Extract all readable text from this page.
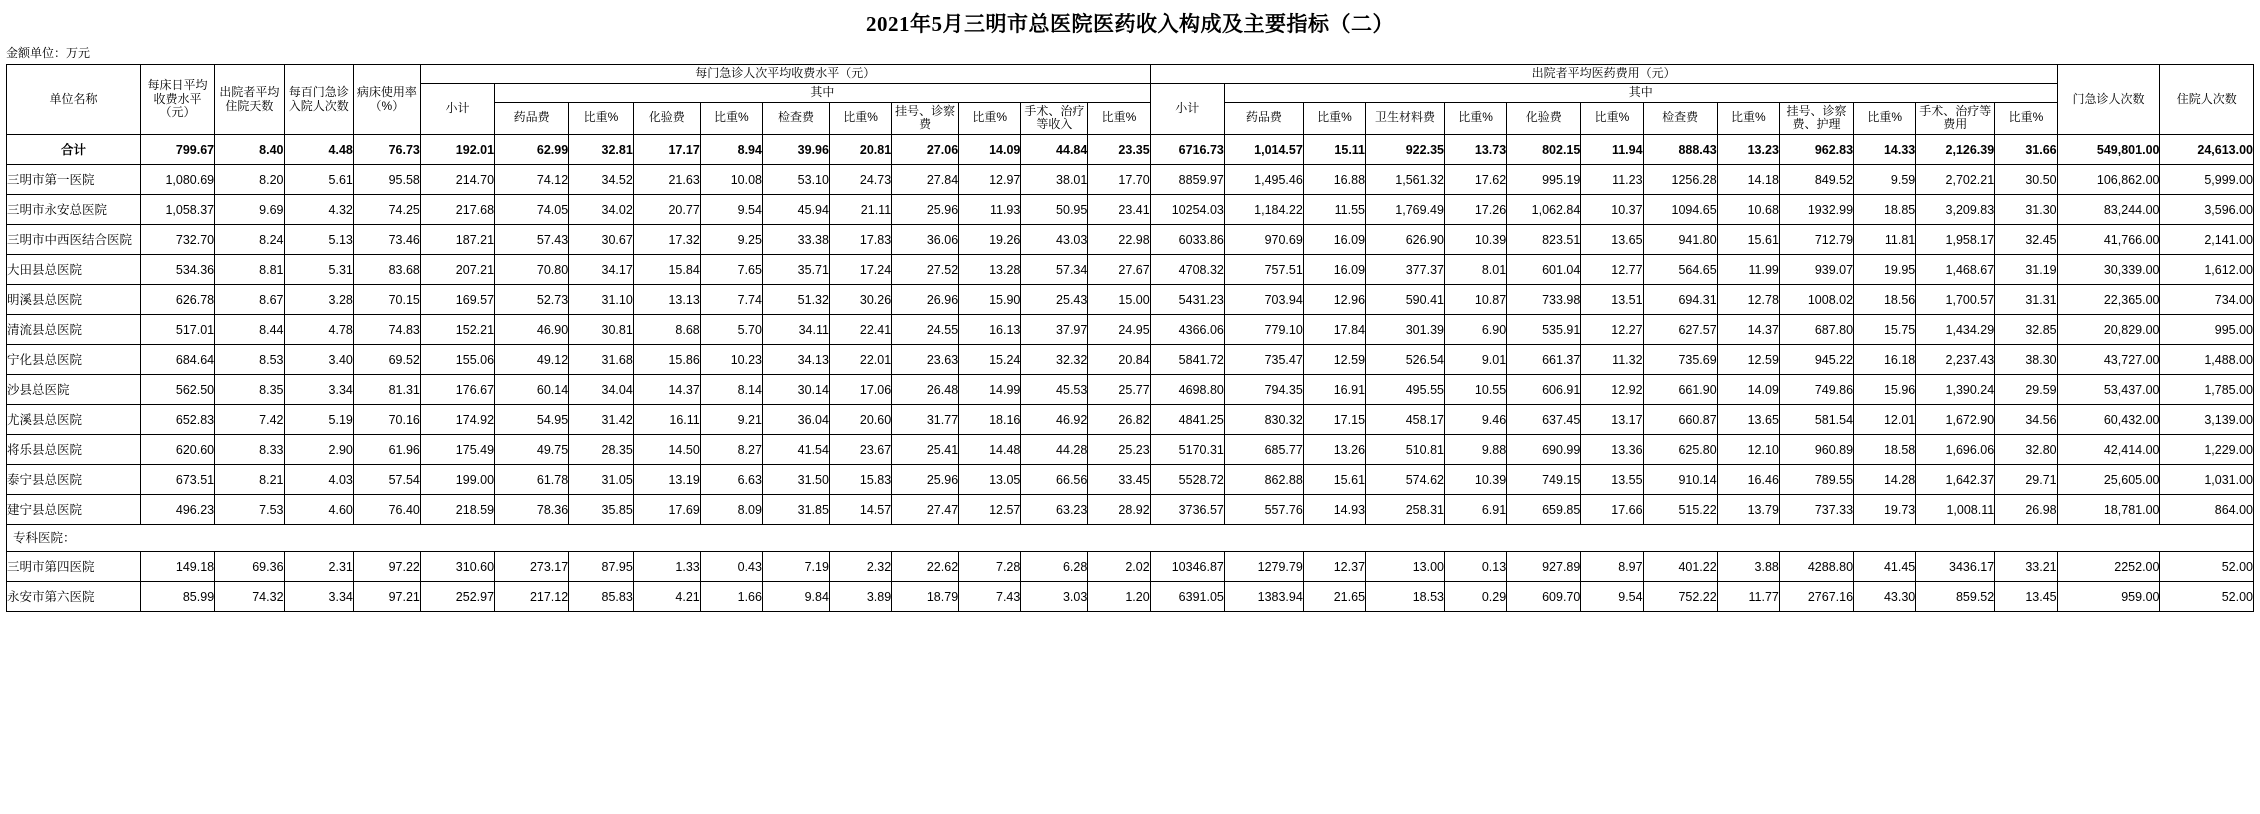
2021年5月三明市总医院医药收入构成及主要指标（二）
金额单位：万元
单位名称	每床日平均收费水平（元）	出院者平均住院天数	每百门急诊入院人次数	病床使用率（%）	每门急诊人次平均收费水平（元）											出院者平均医药费用（元）													门急诊人次数	住院人次数
					小计	其中										小计	其中													
						药品费	比重%	化验费	比重%	检查费	比重%	挂号、诊察费	比重%	手术、治疗等收入	比重%		药品费	比重%	卫生材料费	比重%	化验费	比重%	检查费	比重%	挂号、诊察费、护理	比重%	手术、治疗等费用	比重%		
合计	799.67	8.40	4.48	76.73	192.01	62.99	32.81	17.17	8.94	39.96	20.81	27.06	14.09	44.84	23.35	6716.73	1,014.57	15.11	922.35	13.73	802.15	11.94	888.43	13.23	962.83	14.33	2,126.39	31.66	549,801.00	24,613.00
三明市第一医院	1,080.69	8.20	5.61	95.58	214.70	74.12	34.52	21.63	10.08	53.10	24.73	27.84	12.97	38.01	17.70	8859.97	1,495.46	16.88	1,561.32	17.62	995.19	11.23	1256.28	14.18	849.52	9.59	2,702.21	30.50	106,862.00	5,999.00
三明市永安总医院	1,058.37	9.69	4.32	74.25	217.68	74.05	34.02	20.77	9.54	45.94	21.11	25.96	11.93	50.95	23.41	10254.03	1,184.22	11.55	1,769.49	17.26	1,062.84	10.37	1094.65	10.68	1932.99	18.85	3,209.83	31.30	83,244.00	3,596.00
三明市中西医结合医院	732.70	8.24	5.13	73.46	187.21	57.43	30.67	17.32	9.25	33.38	17.83	36.06	19.26	43.03	22.98	6033.86	970.69	16.09	626.90	10.39	823.51	13.65	941.80	15.61	712.79	11.81	1,958.17	32.45	41,766.00	2,141.00
大田县总医院	534.36	8.81	5.31	83.68	207.21	70.80	34.17	15.84	7.65	35.71	17.24	27.52	13.28	57.34	27.67	4708.32	757.51	16.09	377.37	8.01	601.04	12.77	564.65	11.99	939.07	19.95	1,468.67	31.19	30,339.00	1,612.00
明溪县总医院	626.78	8.67	3.28	70.15	169.57	52.73	31.10	13.13	7.74	51.32	30.26	26.96	15.90	25.43	15.00	5431.23	703.94	12.96	590.41	10.87	733.98	13.51	694.31	12.78	1008.02	18.56	1,700.57	31.31	22,365.00	734.00
清流县总医院	517.01	8.44	4.78	74.83	152.21	46.90	30.81	8.68	5.70	34.11	22.41	24.55	16.13	37.97	24.95	4366.06	779.10	17.84	301.39	6.90	535.91	12.27	627.57	14.37	687.80	15.75	1,434.29	32.85	20,829.00	995.00
宁化县总医院	684.64	8.53	3.40	69.52	155.06	49.12	31.68	15.86	10.23	34.13	22.01	23.63	15.24	32.32	20.84	5841.72	735.47	12.59	526.54	9.01	661.37	11.32	735.69	12.59	945.22	16.18	2,237.43	38.30	43,727.00	1,488.00
沙县总医院	562.50	8.35	3.34	81.31	176.67	60.14	34.04	14.37	8.14	30.14	17.06	26.48	14.99	45.53	25.77	4698.80	794.35	16.91	495.55	10.55	606.91	12.92	661.90	14.09	749.86	15.96	1,390.24	29.59	53,437.00	1,785.00
尤溪县总医院	652.83	7.42	5.19	70.16	174.92	54.95	31.42	16.11	9.21	36.04	20.60	31.77	18.16	46.92	26.82	4841.25	830.32	17.15	458.17	9.46	637.45	13.17	660.87	13.65	581.54	12.01	1,672.90	34.56	60,432.00	3,139.00
将乐县总医院	620.60	8.33	2.90	61.96	175.49	49.75	28.35	14.50	8.27	41.54	23.67	25.41	14.48	44.28	25.23	5170.31	685.77	13.26	510.81	9.88	690.99	13.36	625.80	12.10	960.89	18.58	1,696.06	32.80	42,414.00	1,229.00
泰宁县总医院	673.51	8.21	4.03	57.54	199.00	61.78	31.05	13.19	6.63	31.50	15.83	25.96	13.05	66.56	33.45	5528.72	862.88	15.61	574.62	10.39	749.15	13.55	910.14	16.46	789.55	14.28	1,642.37	29.71	25,605.00	1,031.00
建宁县总医院	496.23	7.53	4.60	76.40	218.59	78.36	35.85	17.69	8.09	31.85	14.57	27.47	12.57	63.23	28.92	3736.57	557.76	14.93	258.31	6.91	659.85	17.66	515.22	13.79	737.33	19.73	1,008.11	26.98	18,781.00	864.00
专科医院：																														
三明市第四医院	149.18	69.36	2.31	97.22	310.60	273.17	87.95	1.33	0.43	7.19	2.32	22.62	7.28	6.28	2.02	10346.87	1279.79	12.37	13.00	0.13	927.89	8.97	401.22	3.88	4288.80	41.45	3436.17	33.21	2252.00	52.00
永安市第六医院	85.99	74.32	3.34	97.21	252.97	217.12	85.83	4.21	1.66	9.84	3.89	18.79	7.43	3.03	1.20	6391.05	1383.94	21.65	18.53	0.29	609.70	9.54	752.22	11.77	2767.16	43.30	859.52	13.45	959.00	52.00
